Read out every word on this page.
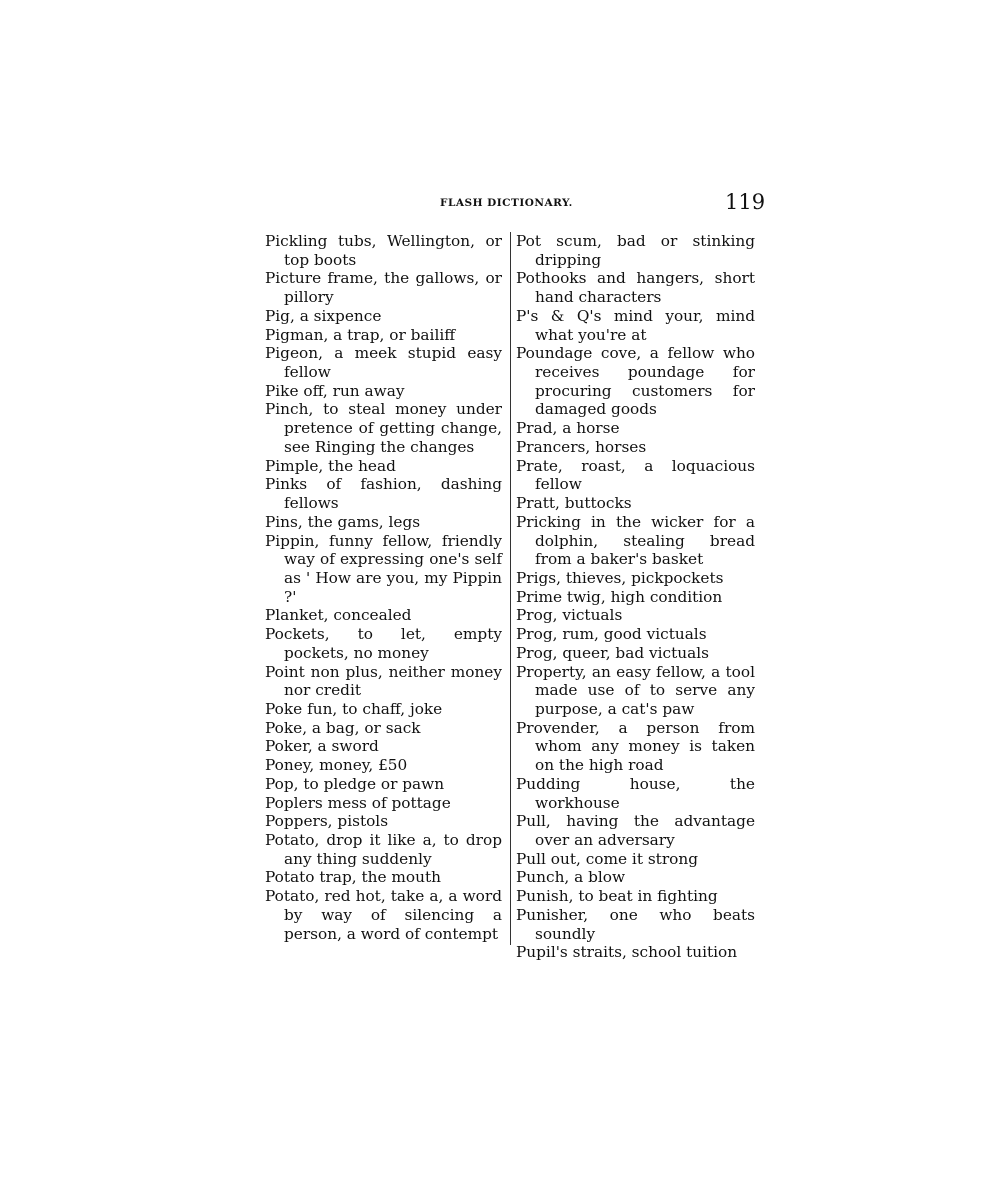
FLASH DICTIONARY.	119
Pickling tubs, Wellington, or top boots
Picture frame, the gallows, or pillory
Pig, a sixpence
Pigman, a trap, or bailiff
Pigeon, a meek stupid easy fellow
Pike off, run away
Pinch, to steal money under pretence of getting change, see Ringing the changes
Pimple, the head
Pinks of fashion, dashing fellows
Pins, the gams, legs
Pippin, funny fellow, friendly way of expressing one's self as ' How are you, my Pippin ?'
Planket, concealed
Pockets, to let, empty pockets, no money
Point non plus, neither money nor credit
Poke fun, to chaff, joke
Poke, a bag, or sack
Poker, a sword
Poney, money, £50
Pop, to pledge or pawn
Poplers mess of pottage
Poppers, pistols
Potato, drop it like a, to drop any thing suddenly
Potato trap, the mouth
Potato, red hot, take a, a word by way of silencing a person, a word of contempt
Pot scum, bad or stinking dripping
Pothooks and hangers, short hand characters
P's & Q's mind your, mind what you're at
Poundage cove, a fellow who receives poundage for procuring customers for damaged goods
Prad, a horse
Prancers, horses
Prate, roast, a loquacious fellow
Pratt, buttocks
Pricking in the wicker for a dolphin, stealing bread from a baker's basket
Prigs, thieves, pickpockets
Prime twig, high condition
Prog, victuals
Prog, rum, good victuals
Prog, queer, bad victuals
Property, an easy fellow, a tool made use of to serve any purpose, a cat's paw
Provender, a person from whom any money is taken on the high road
Pudding house, the workhouse
Pull, having the advantage over an adversary
Pull out, come it strong
Punch, a blow
Punish, to beat in fighting
Punisher, one who beats soundly
Pupil's straits, school tuition
